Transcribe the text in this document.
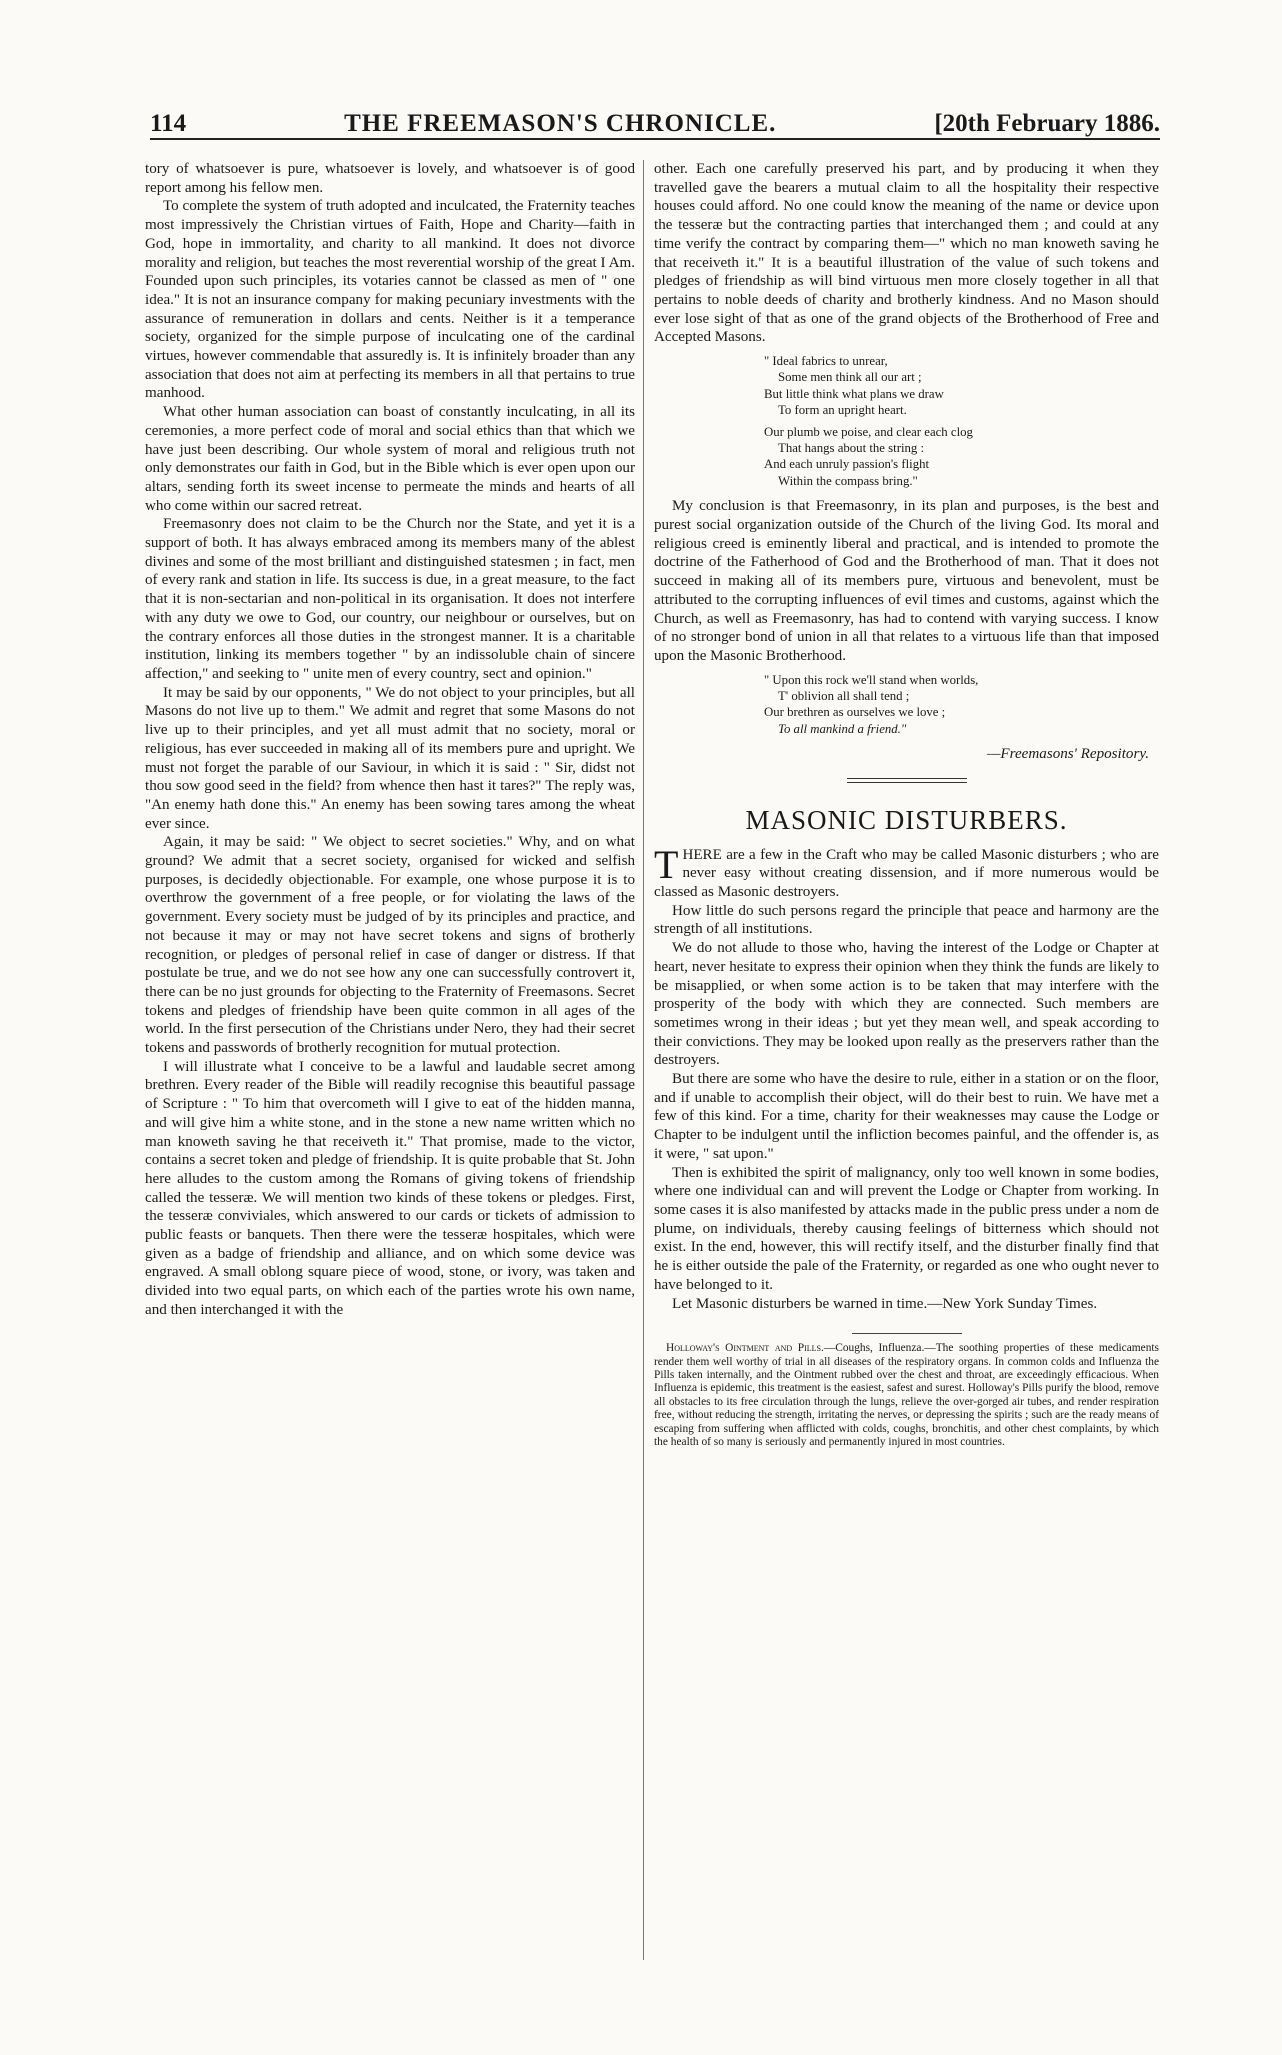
114	THE FREEMASON'S CHRONICLE.	[20th February 1886.

tory of whatsoever is pure, whatsoever is lovely, and whatsoever is of good report among his fellow men.

To complete the system of truth adopted and inculcated, the Fraternity teaches most impressively the Christian virtues of Faith, Hope and Charity—faith in God, hope in immortality, and charity to all mankind. It does not divorce morality and religion, but teaches the most reverential worship of the great I Am. Founded upon such principles, its votaries cannot be classed as men of " one idea." It is not an insurance company for making pecuniary investments with the assurance of remuneration in dollars and cents. Neither is it a temperance society, organized for the simple purpose of inculcating one of the cardinal virtues, however commendable that assuredly is. It is infinitely broader than any association that does not aim at perfecting its members in all that pertains to true manhood.

What other human association can boast of constantly inculcating, in all its ceremonies, a more perfect code of moral and social ethics than that which we have just been describing. Our whole system of moral and religious truth not only demonstrates our faith in God, but in the Bible which is ever open upon our altars, sending forth its sweet incense to permeate the minds and hearts of all who come within our sacred retreat.

Freemasonry does not claim to be the Church nor the State, and yet it is a support of both. It has always embraced among its members many of the ablest divines and some of the most brilliant and distinguished statesmen ; in fact, men of every rank and station in life. Its success is due, in a great measure, to the fact that it is non-sectarian and non-political in its organisation. It does not interfere with any duty we owe to God, our country, our neighbour or ourselves, but on the contrary enforces all those duties in the strongest manner. It is a charitable institution, linking its members together " by an indissoluble chain of sincere affection," and seeking to " unite men of every country, sect and opinion."

It may be said by our opponents, " We do not object to your principles, but all Masons do not live up to them." We admit and regret that some Masons do not live up to their principles, and yet all must admit that no society, moral or religious, has ever succeeded in making all of its members pure and upright. We must not forget the parable of our Saviour, in which it is said : " Sir, didst not thou sow good seed in the field? from whence then hast it tares?" The reply was, "An enemy hath done this." An enemy has been sowing tares among the wheat ever since.

Again, it may be said: " We object to secret societies." Why, and on what ground? We admit that a secret society, organised for wicked and selfish purposes, is decidedly objectionable. For example, one whose purpose it is to overthrow the government of a free people, or for violating the laws of the government. Every society must be judged of by its principles and practice, and not because it may or may not have secret tokens and signs of brotherly recognition, or pledges of personal relief in case of danger or distress. If that postulate be true, and we do not see how any one can successfully controvert it, there can be no just grounds for objecting to the Fraternity of Freemasons. Secret tokens and pledges of friendship have been quite common in all ages of the world. In the first persecution of the Christians under Nero, they had their secret tokens and passwords of brotherly recognition for mutual protection.

I will illustrate what I conceive to be a lawful and laudable secret among brethren. Every reader of the Bible will readily recognise this beautiful passage of Scripture : " To him that overcometh will I give to eat of the hidden manna, and will give him a white stone, and in the stone a new name written which no man knoweth saving he that receiveth it." That promise, made to the victor, contains a secret token and pledge of friendship. It is quite probable that St. John here alludes to the custom among the Romans of giving tokens of friendship called the tesseræ. We will mention two kinds of these tokens or pledges. First, the tesseræ conviviales, which answered to our cards or tickets of admission to public feasts or banquets. Then there were the tesseræ hospitales, which were given as a badge of friendship and alliance, and on which some device was engraved. A small oblong square piece of wood, stone, or ivory, was taken and divided into two equal parts, on which each of the parties wrote his own name, and then interchanged it with the

other. Each one carefully preserved his part, and by producing it when they travelled gave the bearers a mutual claim to all the hospitality their respective houses could afford. No one could know the meaning of the name or device upon the tesseræ but the contracting parties that interchanged them ; and could at any time verify the contract by comparing them—" which no man knoweth saving he that receiveth it." It is a beautiful illustration of the value of such tokens and pledges of friendship as will bind virtuous men more closely together in all that pertains to noble deeds of charity and brotherly kindness. And no Mason should ever lose sight of that as one of the grand objects of the Brotherhood of Free and Accepted Masons.

" Ideal fabrics to unrear,
Some men think all our art ;
But little think what plans we draw
To form an upright heart.
Our plumb we poise, and clear each clog
That hangs about the string :
And each unruly passion's flight
Within the compass bring."

My conclusion is that Freemasonry, in its plan and purposes, is the best and purest social organization outside of the Church of the living God. Its moral and religious creed is eminently liberal and practical, and is intended to promote the doctrine of the Fatherhood of God and the Brotherhood of man. That it does not succeed in making all of its members pure, virtuous and benevolent, must be attributed to the corrupting influences of evil times and customs, against which the Church, as well as Freemasonry, has had to contend with varying success. I know of no stronger bond of union in all that relates to a virtuous life than that imposed upon the Masonic Brotherhood.

" Upon this rock we'll stand when worlds,
T' oblivion all shall tend ;
Our brethren as ourselves we love ;
To all mankind a friend."
—Freemasons' Repository.
MASONIC DISTURBERS.

THERE are a few in the Craft who may be called Masonic disturbers ; who are never easy without creating dissension, and if more numerous would be classed as Masonic destroyers.

How little do such persons regard the principle that peace and harmony are the strength of all institutions.

We do not allude to those who, having the interest of the Lodge or Chapter at heart, never hesitate to express their opinion when they think the funds are likely to be misapplied, or when some action is to be taken that may interfere with the prosperity of the body with which they are connected. Such members are sometimes wrong in their ideas ; but yet they mean well, and speak according to their convictions. They may be looked upon really as the preservers rather than the destroyers.

But there are some who have the desire to rule, either in a station or on the floor, and if unable to accomplish their object, will do their best to ruin. We have met a few of this kind. For a time, charity for their weaknesses may cause the Lodge or Chapter to be indulgent until the infliction becomes painful, and the offender is, as it were, " sat upon."

Then is exhibited the spirit of malignancy, only too well known in some bodies, where one individual can and will prevent the Lodge or Chapter from working. In some cases it is also manifested by attacks made in the public press under a nom de plume, on individuals, thereby causing feelings of bitterness which should not exist. In the end, however, this will rectify itself, and the disturber finally find that he is either outside the pale of the Fraternity, or regarded as one who ought never to have belonged to it.

Let Masonic disturbers be warned in time.—New York Sunday Times.

Holloway's Ointment and Pills.—Coughs, Influenza.—The soothing properties of these medicaments render them well worthy of trial in all diseases of the respiratory organs. In common colds and Influenza the Pills taken internally, and the Ointment rubbed over the chest and throat, are exceedingly efficacious. When Influenza is epidemic, this treatment is the easiest, safest and surest. Holloway's Pills purify the blood, remove all obstacles to its free circulation through the lungs, relieve the over-gorged air tubes, and render respiration free, without reducing the strength, irritating the nerves, or depressing the spirits ; such are the ready means of escaping from suffering when afflicted with colds, coughs, bronchitis, and other chest complaints, by which the health of so many is seriously and permanently injured in most countries.
